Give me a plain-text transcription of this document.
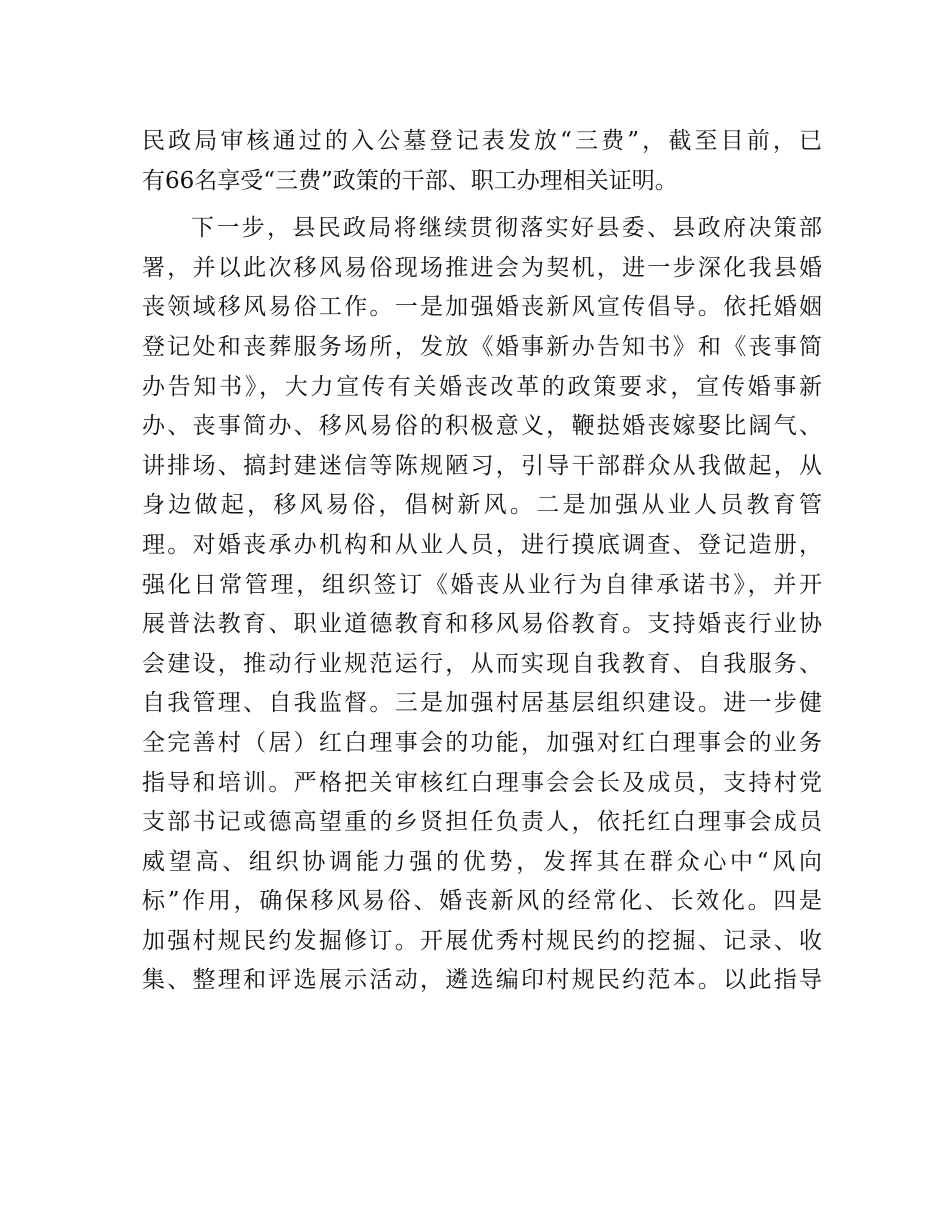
民政局审核通过的入公墓登记表发放“三费”，截至目前，已
有66名享受“三费”政策的干部、职工办理相关证明。
下一步，县民政局将继续贯彻落实好县委、县政府决策部
署，并以此次移风易俗现场推进会为契机，进一步深化我县婚
丧领域移风易俗工作。一是加强婚丧新风宣传倡导。依托婚姻
登记处和丧葬服务场所，发放《婚事新办告知书》和《丧事简
办告知书》，大力宣传有关婚丧改革的政策要求，宣传婚事新
办、丧事简办、移风易俗的积极意义，鞭挞婚丧嫁娶比阔气、
讲排场、搞封建迷信等陈规陋习，引导干部群众从我做起，从
身边做起，移风易俗，倡树新风。二是加强从业人员教育管
理。对婚丧承办机构和从业人员，进行摸底调查、登记造册，
强化日常管理，组织签订《婚丧从业行为自律承诺书》，并开
展普法教育、职业道德教育和移风易俗教育。支持婚丧行业协
会建设，推动行业规范运行，从而实现自我教育、自我服务、
自我管理、自我监督。三是加强村居基层组织建设。进一步健
全完善村（居）红白理事会的功能，加强对红白理事会的业务
指导和培训。严格把关审核红白理事会会长及成员，支持村党
支部书记或德高望重的乡贤担任负责人，依托红白理事会成员
威望高、组织协调能力强的优势，发挥其在群众心中“风向
标”作用，确保移风易俗、婚丧新风的经常化、长效化。四是
加强村规民约发掘修订。开展优秀村规民约的挖掘、记录、收
集、整理和评选展示活动，遴选编印村规民约范本。以此指导
